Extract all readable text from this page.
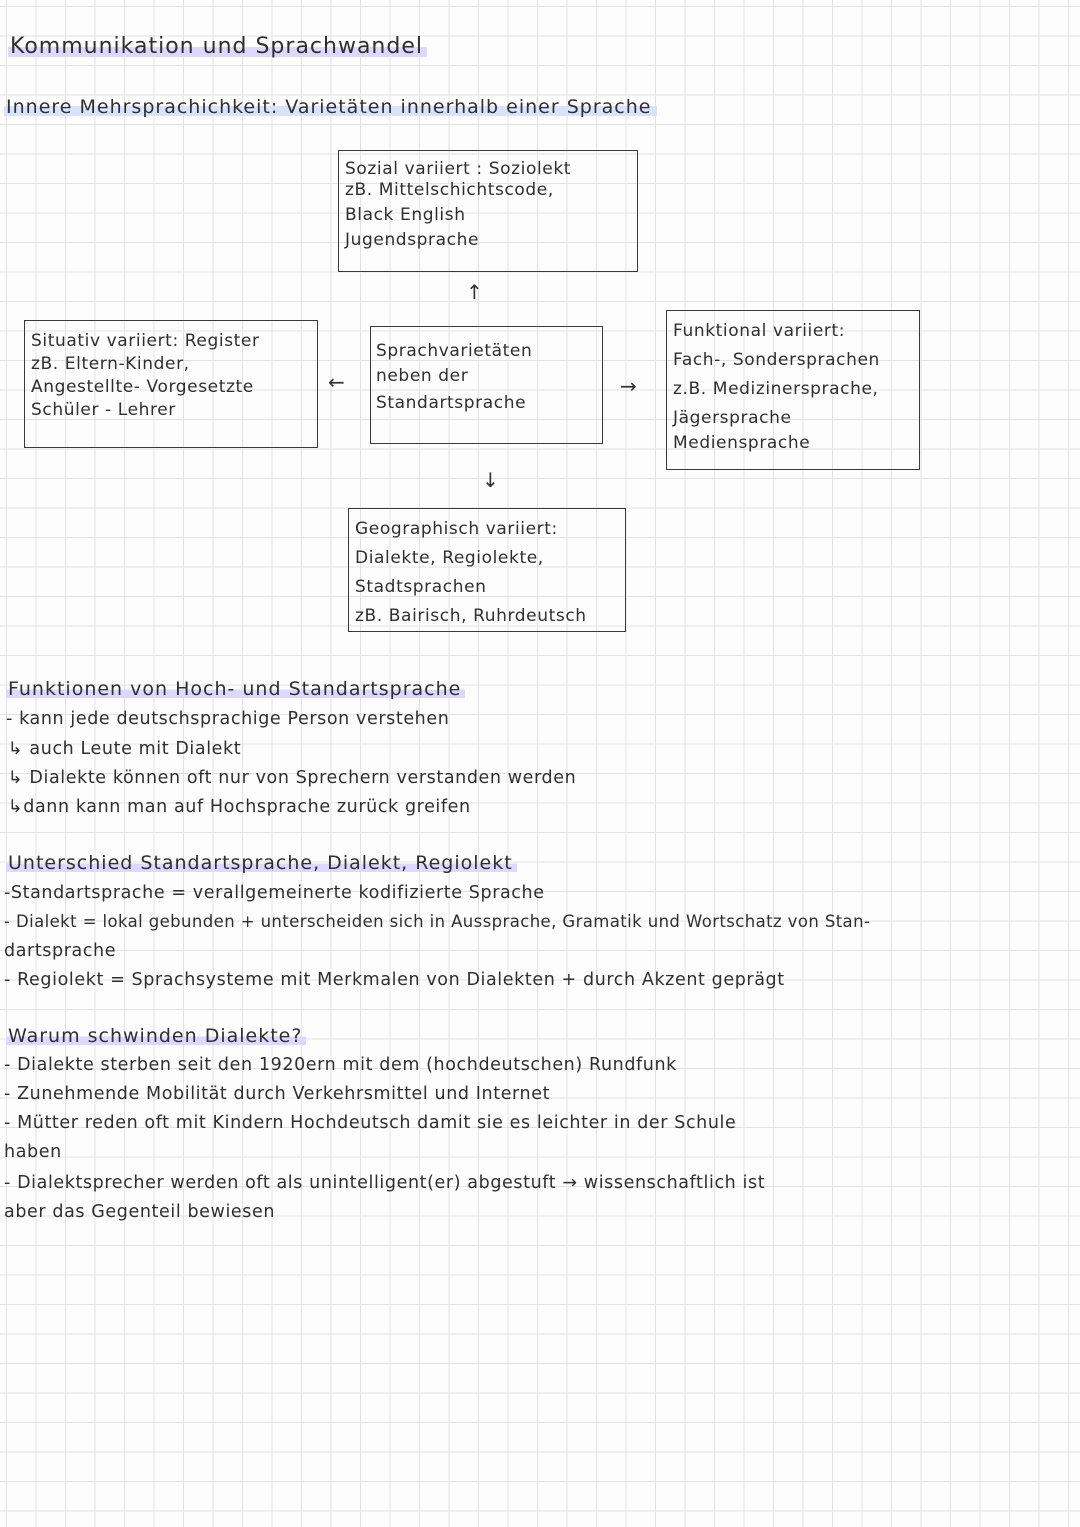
Kommunikation und Sprachwandel
Innere Mehrsprachichkeit: Varietäten innerhalb einer Sprache
Sozial variiert : Soziolekt
zB. Mittelschichtscode,
Black English
Jugendsprache
↑
Situativ variiert: Register
zB. Eltern-Kinder,
Angestellte- Vorgesetzte
Schüler - Lehrer
←
Sprachvarietäten
neben der
Standartsprache
→
Funktional variiert:
Fach-, Sondersprachen
z.B. Medizinersprache,
Jägersprache
Mediensprache
↓
Geographisch variiert:
Dialekte, Regiolekte,
Stadtsprachen
zB. Bairisch, Ruhrdeutsch
Funktionen von Hoch- und Standartsprache
- kann jede deutschsprachige Person verstehen
↳ auch Leute mit Dialekt
↳ Dialekte können oft nur von Sprechern verstanden werden
↳dann kann man auf Hochsprache zurück greifen
Unterschied Standartsprache, Dialekt, Regiolekt
-Standartsprache = verallgemeinerte kodifizierte Sprache
- Dialekt = lokal gebunden + unterscheiden sich in Aussprache, Gramatik und Wortschatz von Stan-
dartsprache
- Regiolekt = Sprachsysteme mit Merkmalen von Dialekten + durch Akzent geprägt
Warum schwinden Dialekte?
- Dialekte sterben seit den 1920ern mit dem (hochdeutschen) Rundfunk
- Zunehmende Mobilität durch Verkehrsmittel und Internet
- Mütter reden oft mit Kindern Hochdeutsch damit sie es leichter in der Schule
haben
- Dialektsprecher werden oft als unintelligent(er) abgestuft → wissenschaftlich ist
aber das Gegenteil bewiesen
